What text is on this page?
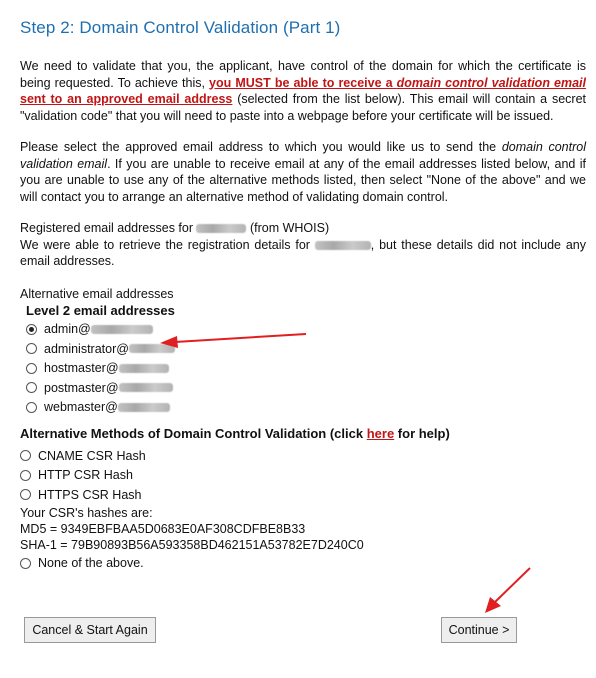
Step 2: Domain Control Validation (Part 1)

We need to validate that you, the applicant, have control of the domain for which the certificate is being requested. To achieve this, you MUST be able to receive a domain control validation email sent to an approved email address (selected from the list below). This email will contain a secret "validation code" that you will need to paste into a webpage before your certificate will be issued.

Please select the approved email address to which you would like us to send the domain control validation email. If you are unable to receive email at any of the email addresses listed below, and if you are unable to use any of the alternative methods listed, then select "None of the above" and we will contact you to arrange an alternative method of validating domain control.

Registered email addresses for	(from WHOIS)
We were able to retrieve the registration details for	, but these details did not include any email addresses.

Alternative email addresses
Level 2 email addresses
admin@
administrator@
hostmaster@
postmaster@
webmaster@
Alternative Methods of Domain Control Validation (click here for help)
CNAME CSR Hash
HTTP CSR Hash
HTTPS CSR Hash
Your CSR's hashes are:
MD5 = 9349EBFBAA5D0683E0AF308CDFBE8B33
SHA-1 = 79B90893B56A593358BD462151A53782E7D240C0
None of the above.
Cancel & Start Again	Continue >
